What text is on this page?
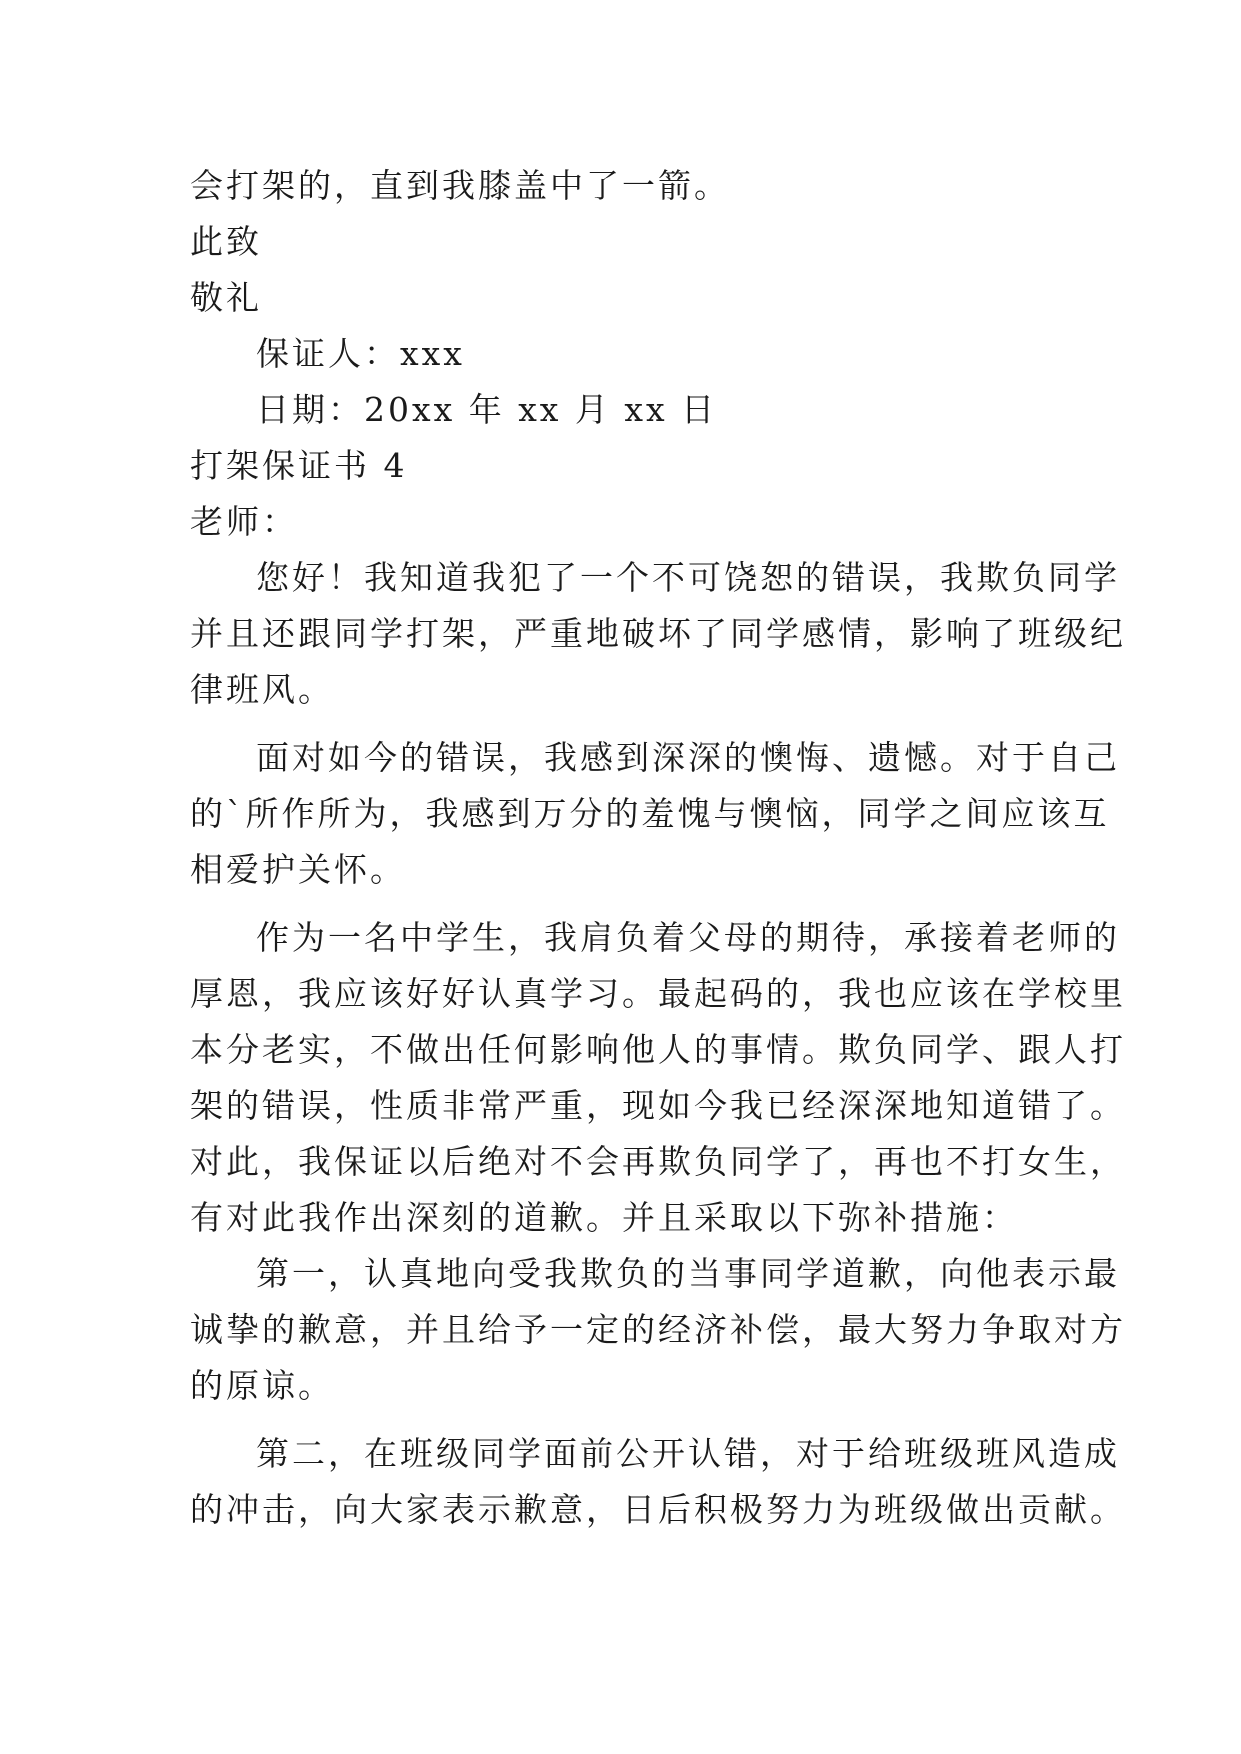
会打架的，直到我膝盖中了一箭。
此致
敬礼
保证人：xxx
日期：20xx 年 xx 月 xx 日
打架保证书 4
老师：
您好！我知道我犯了一个不可饶恕的错误，我欺负同学
并且还跟同学打架，严重地破坏了同学感情，影响了班级纪
律班风。
面对如今的错误，我感到深深的懊悔、遗憾。对于自己
的`所作所为，我感到万分的羞愧与懊恼，同学之间应该互
相爱护关怀。
作为一名中学生，我肩负着父母的期待，承接着老师的
厚恩，我应该好好认真学习。最起码的，我也应该在学校里
本分老实，不做出任何影响他人的事情。欺负同学、跟人打
架的错误，性质非常严重，现如今我已经深深地知道错了。
对此，我保证以后绝对不会再欺负同学了，再也不打女生，
有对此我作出深刻的道歉。并且采取以下弥补措施：
第一，认真地向受我欺负的当事同学道歉，向他表示最
诚挚的歉意，并且给予一定的经济补偿，最大努力争取对方
的原谅。
第二，在班级同学面前公开认错，对于给班级班风造成
的冲击，向大家表示歉意，日后积极努力为班级做出贡献。
